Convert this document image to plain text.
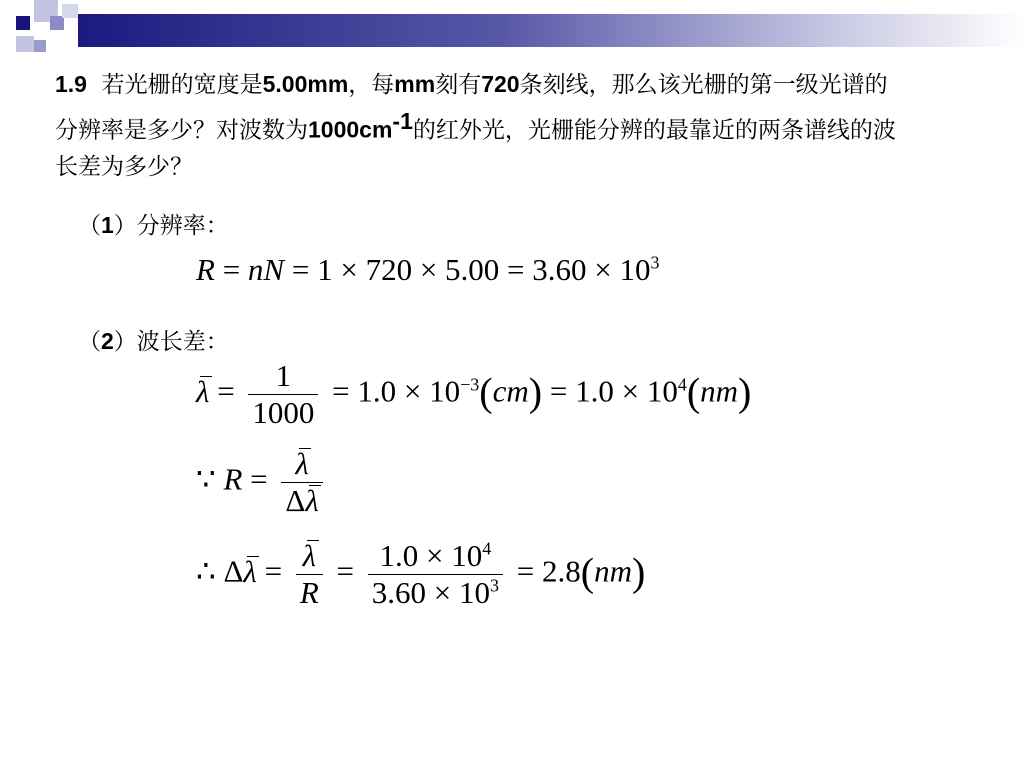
1.9 若光栅的宽度是5.00mm，每mm刻有720条刻线，那么该光栅的第一级光谱的分辨率是多少？对波数为$1000cm^{-1}$的红外光，光栅能分辨的最靠近的两条谱线的波长差为多少？
（1）分辨率：
R = nN = $1 \times 720 \times 5.00 = 3.60 \times 10^3$
（2）波长差：
$\lambda = \frac{1}{1000} = 1.0 \times 10^{-3}(cm) = 1.0 \times 10^4(nm)$
∵ $R = \frac{\lambda}{\Delta\lambda}$
∴ $\Delta\lambda = \frac{\lambda}{R} = \frac{1.0 \times 10^4}{3.60 \times 10^3} = 2.8(nm)$
